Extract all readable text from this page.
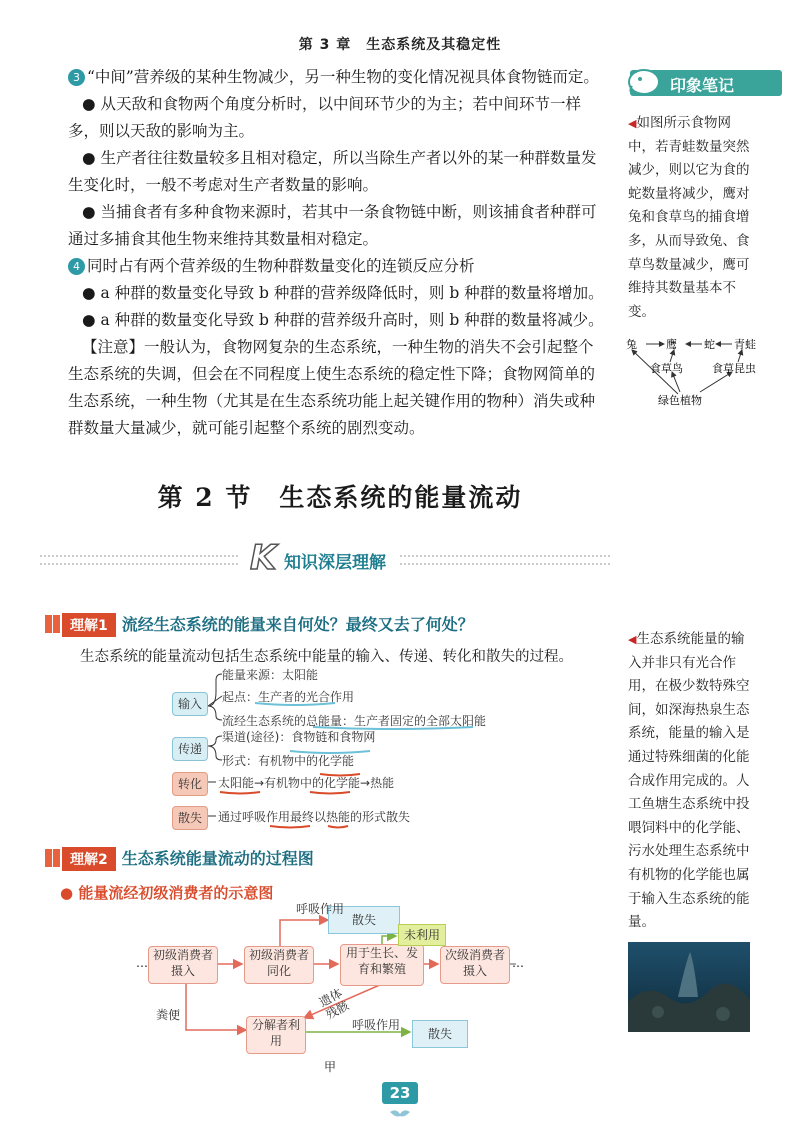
第 3 章　生态系统及其稳定性

3 “中间”营养级的某种生物减少，另一种生物的变化情况视具体食物链而定。

● 从天敌和食物两个角度分析时，以中间环节少的为主；若中间环节一样多，则以天敌的影响为主。

● 生产者往往数量较多且相对稳定，所以当除生产者以外的某一种群数量发生变化时，一般不考虑对生产者数量的影响。

● 当捕食者有多种食物来源时，若其中一条食物链中断，则该捕食者种群可通过多捕食其他生物来维持其数量相对稳定。

4 同时占有两个营养级的生物种群数量变化的连锁反应分析

● a 种群的数量变化导致 b 种群的营养级降低时，则 b 种群的数量将增加。

● a 种群的数量变化导致 b 种群的营养级升高时，则 b 种群的数量将减少。

【注意】一般认为，食物网复杂的生态系统，一种生物的消失不会引起整个生态系统的失调，但会在不同程度上使生态系统的稳定性下降；食物网简单的生态系统，一种生物（尤其是在生态系统功能上起关键作用的物种）消失或种群数量大量减少，就可能引起整个系统的剧烈变动。

印象笔记
◀如图所示食物网中，若青蛙数量突然减少，则以它为食的蛇数量将减少，鹰对兔和食草鸟的捕食增多，从而导致兔、食草鸟数量减少，鹰可维持其数量基本不变。
兔	鹰 蛇 青蛙
食草鸟	食草昆虫
绿色植物
第 2 节　生态系统的能量流动
K 知识深层理解
理解1 流经生态系统的能量来自何处？最终又去了何处？
生态系统的能量流动包括生态系统中能量的输入、传递、转化和散失的过程。
输入
能量来源：太阳能
起点：生产者的光合作用
流经生态系统的总能量：生产者固定的全部太阳能
传递
渠道(途径)：食物链和食物网
形式：有机物中的化学能
转化	太阳能→有机物中的化学能→热能
散失	通过呼吸作用最终以热能的形式散失
◀生态系统能量的输入并非只有光合作用，在极少数特殊空间，如深海热泉生态系统，能量的输入是通过特殊细菌的化能合成作用完成的。人工鱼塘生态系统中投喂饲料中的化学能、污水处理生态系统中有机物的化学能也属于输入生态系统的能量。
理解2 生态系统能量流动的过程图
● 能量流经初级消费者的示意图
…	…
初级消费者摄入
初级消费者同化
用于生长、发育和繁殖
次级消费者摄入
分解者利用
散失
散失
未利用
呼吸作用
呼吸作用
粪便
遗体残骸
甲
23
